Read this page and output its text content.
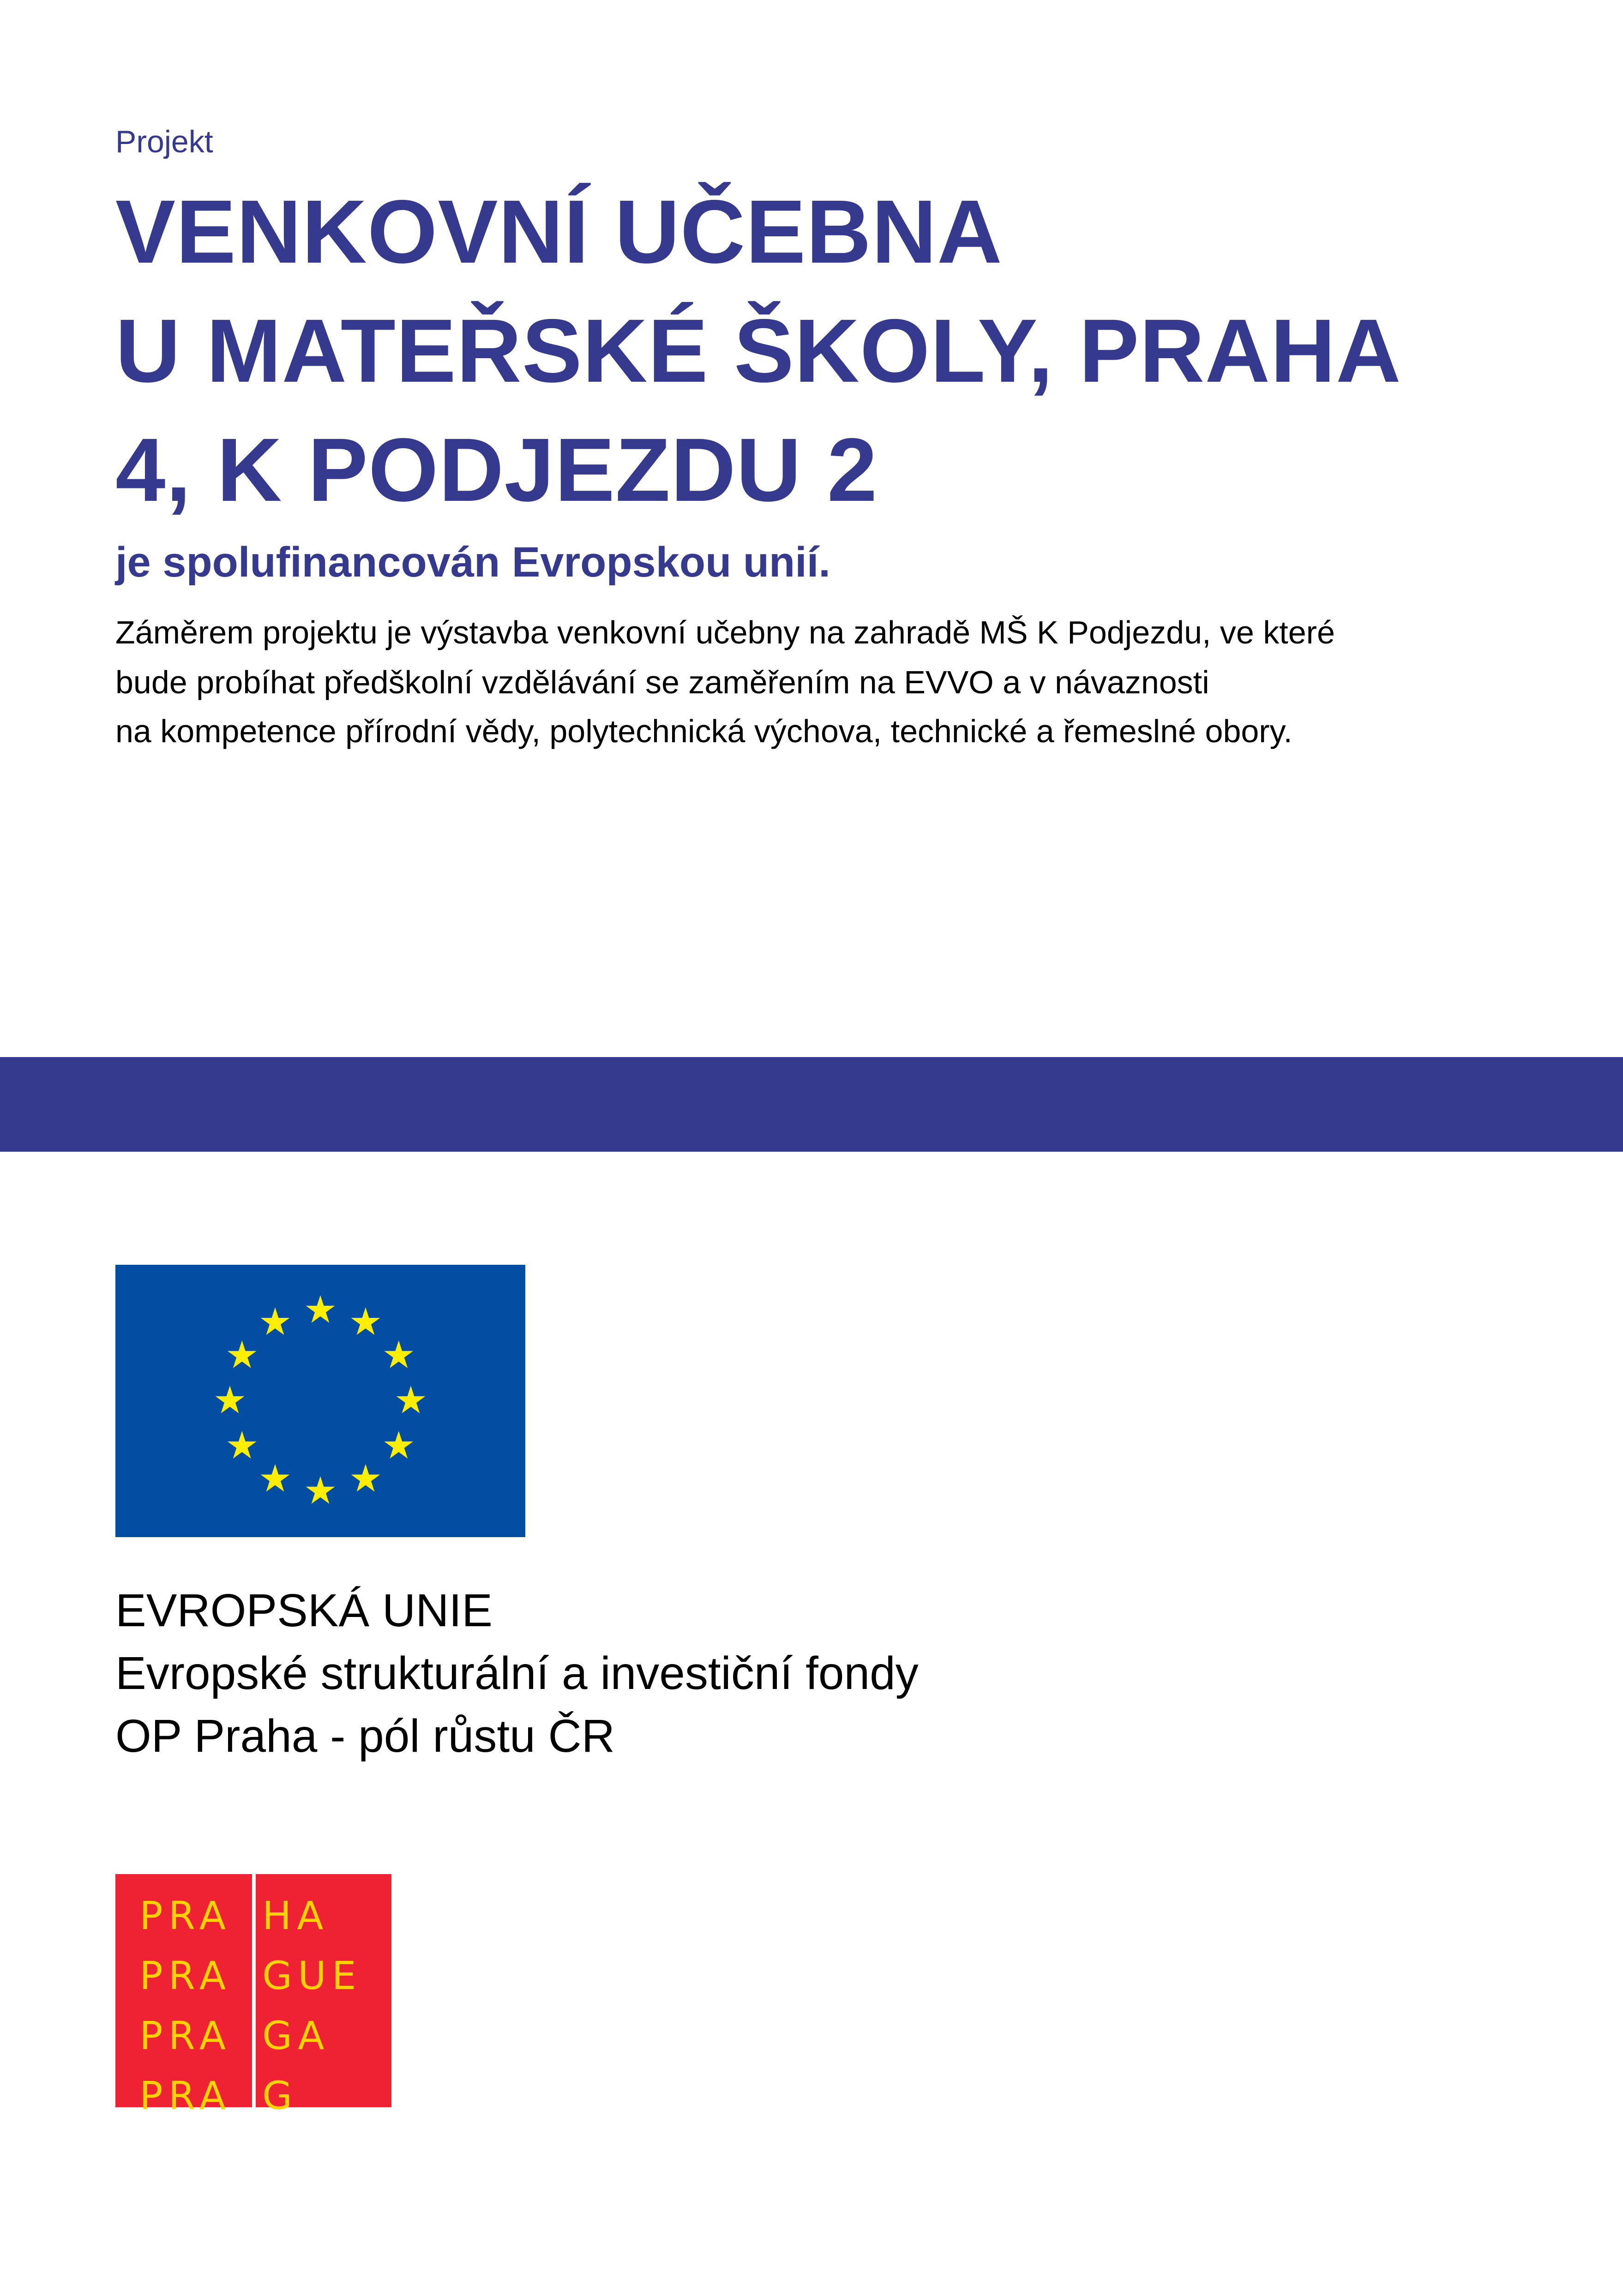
Projekt
VENKOVNÍ UČEBNA
U MATEŘSKÉ ŠKOLY, PRAHA
4, K PODJEZDU 2
je spolufinancován Evropskou unií.
Záměrem projektu je výstavba venkovní učebny na zahradě MŠ K Podjezdu, ve které
bude probíhat předškolní vzdělávání se zaměřením na EVVO a v návaznosti
na kompetence přírodní vědy, polytechnická výchova, technické a řemeslné obory.
EVROPSKÁ UNIE
Evropské strukturální a investiční fondy
OP Praha - pól růstu ČR
PRA
PRA
PRA
PRA
HA
GUE
GA
G
